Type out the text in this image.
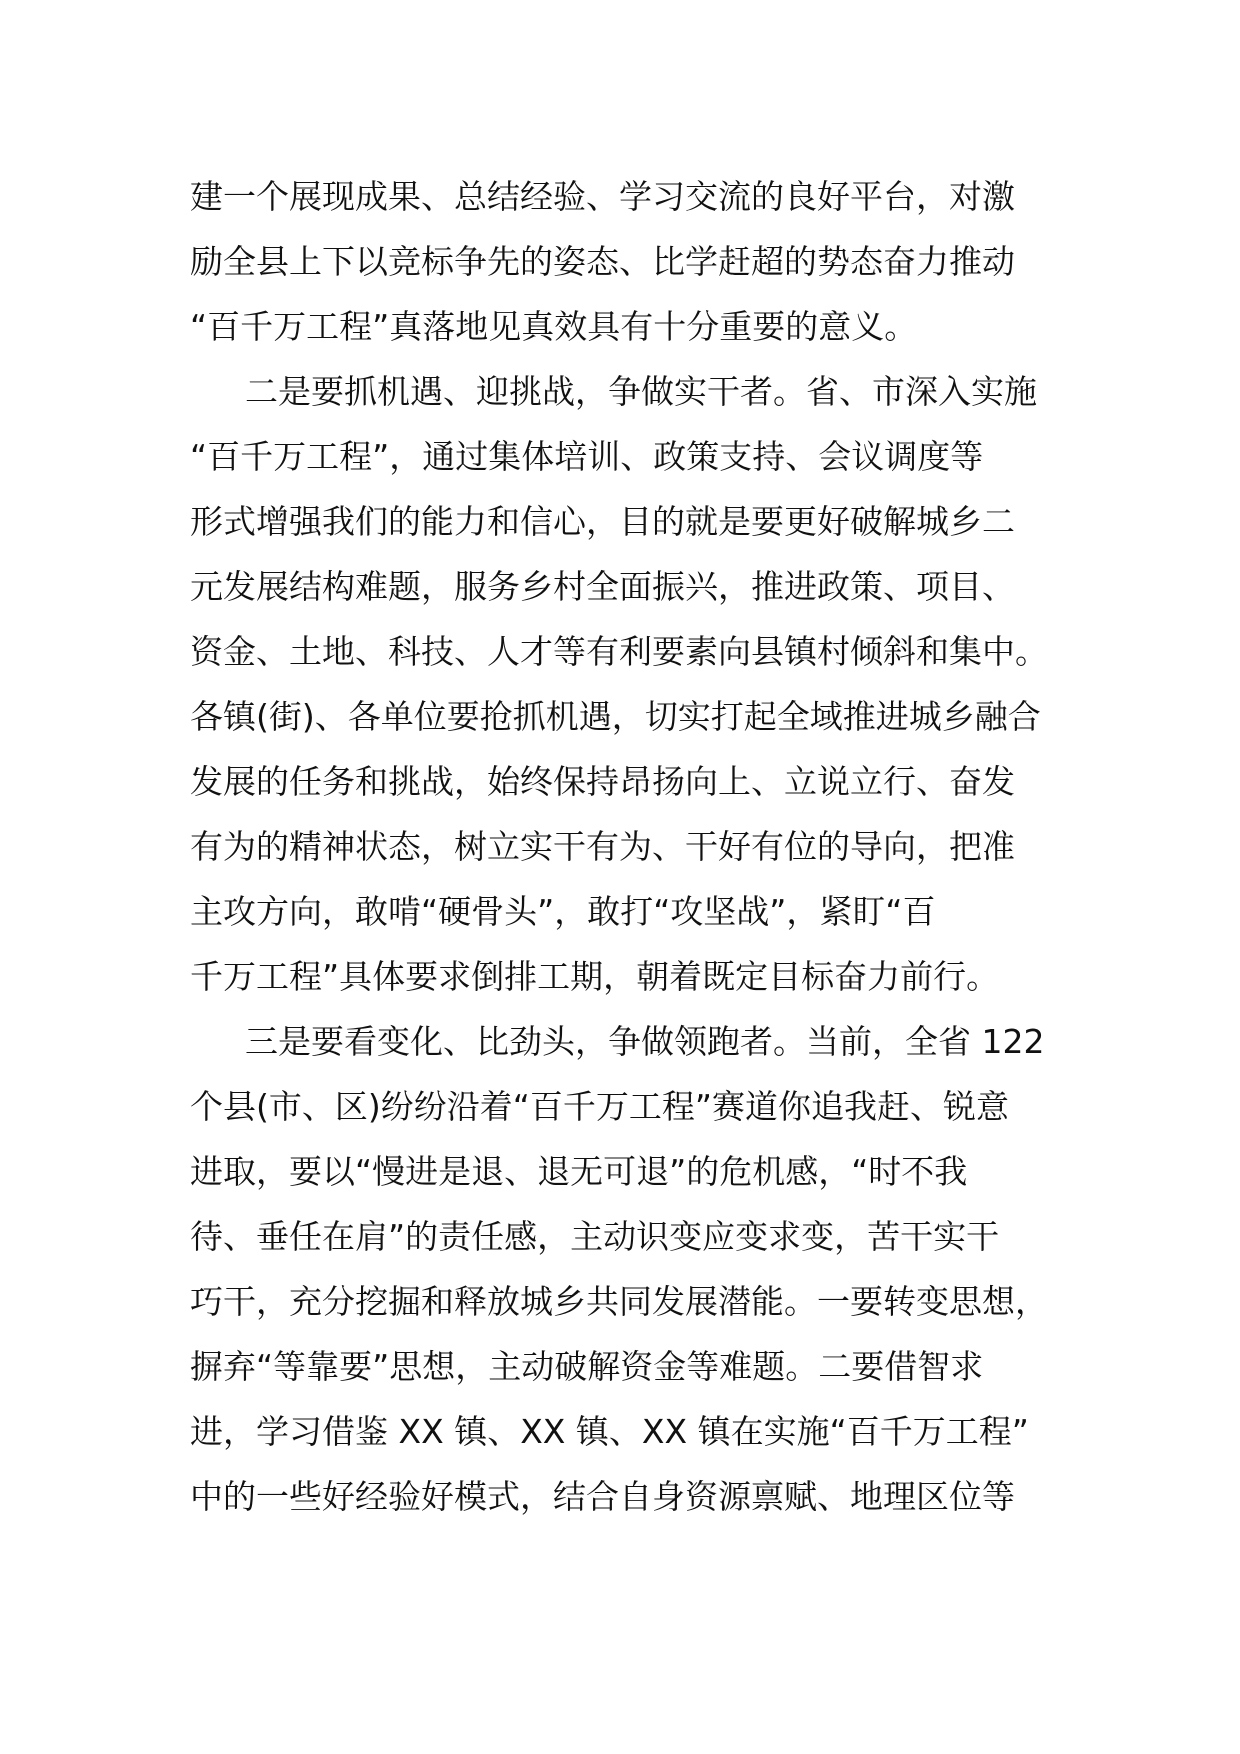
建一个展现成果、总结经验、学习交流的良好平台，对激
励全县上下以竞标争先的姿态、比学赶超的势态奋力推动
“百千万工程”真落地见真效具有十分重要的意义。
二是要抓机遇、迎挑战，争做实干者。省、市深入实施
“百千万工程”，通过集体培训、政策支持、会议调度等
形式增强我们的能力和信心，目的就是要更好破解城乡二
元发展结构难题，服务乡村全面振兴，推进政策、项目、
资金、土地、科技、人才等有利要素向县镇村倾斜和集中。
各镇(街)、各单位要抢抓机遇，切实打起全域推进城乡融合
发展的任务和挑战，始终保持昂扬向上、立说立行、奋发
有为的精神状态，树立实干有为、干好有位的导向，把准
主攻方向，敢啃“硬骨头”，敢打“攻坚战”，紧盯“百
千万工程”具体要求倒排工期，朝着既定目标奋力前行。
三是要看变化、比劲头，争做领跑者。当前，全省 122
个县(市、区)纷纷沿着“百千万工程”赛道你追我赶、锐意
进取，要以“慢进是退、退无可退”的危机感，“时不我
待、垂任在肩”的责任感，主动识变应变求变，苦干实干
巧干，充分挖掘和释放城乡共同发展潜能。一要转变思想，
摒弃“等靠要”思想，主动破解资金等难题。二要借智求
进，学习借鉴 XX 镇、XX 镇、XX 镇在实施“百千万工程”
中的一些好经验好模式，结合自身资源禀赋、地理区位等
